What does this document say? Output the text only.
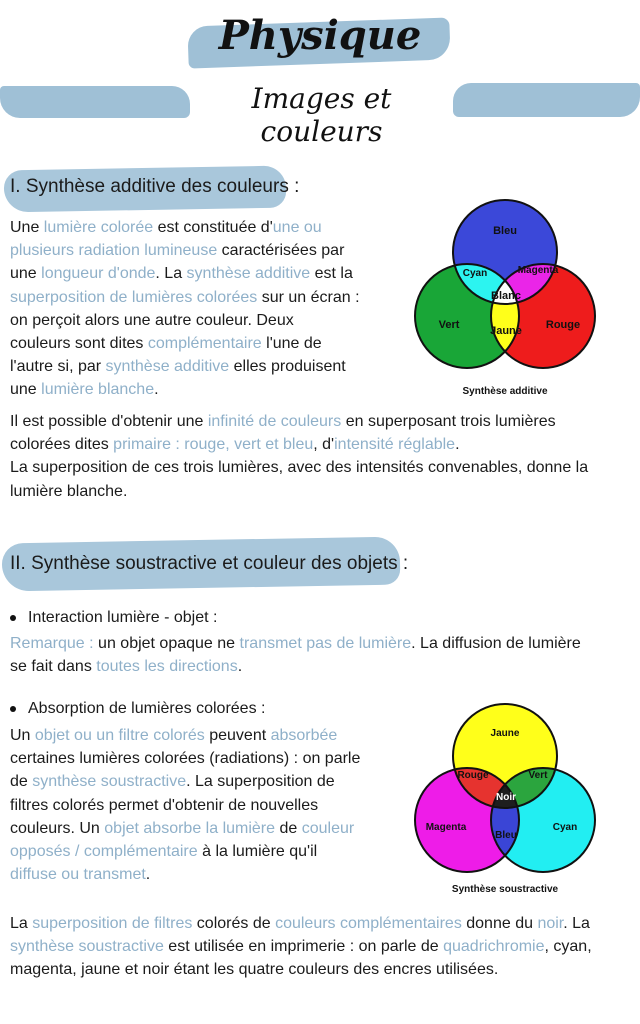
Physique
Images et couleurs
I. Synthèse additive des couleurs :
Une lumière colorée est constituée d'une ou
plusieurs radiation lumineuse caractérisées par
une longueur d'onde. La synthèse additive est la
superposition de lumières colorées sur un écran :
on perçoit alors une autre couleur. Deux
couleurs sont dites complémentaire l'une de
l'autre si, par synthèse additive elles produisent
une lumière blanche.
Bleu
Cyan	Magenta
Blanc
Vert	Rouge
Jaune
Synthèse additive
Il est possible d'obtenir une infinité de couleurs en superposant trois lumières
colorées dites primaire : rouge, vert et bleu, d'intensité réglable.
La superposition de ces trois lumières, avec des intensités convenables, donne la
lumière blanche.
II. Synthèse soustractive et couleur des objets :
Interaction lumière - objet :
Remarque : un objet opaque ne transmet pas de lumière. La diffusion de lumière
se fait dans toutes les directions.
Absorption de lumières colorées :
Un objet ou un filtre colorés peuvent absorbée
certaines lumières colorées (radiations) : on parle
de synthèse soustractive. La superposition de
filtres colorés permet d'obtenir de nouvelles
couleurs. Un objet absorbe la lumière de couleur
opposés / complémentaire à la lumière qu'il
diffuse ou transmet.
Jaune
Rouge	Vert
Noir
Magenta	Cyan
Bleu
Synthèse soustractive
La superposition de filtres colorés de couleurs complémentaires donne du noir. La
synthèse soustractive est utilisée en imprimerie : on parle de quadrichromie, cyan,
magenta, jaune et noir étant les quatre couleurs des encres utilisées.
